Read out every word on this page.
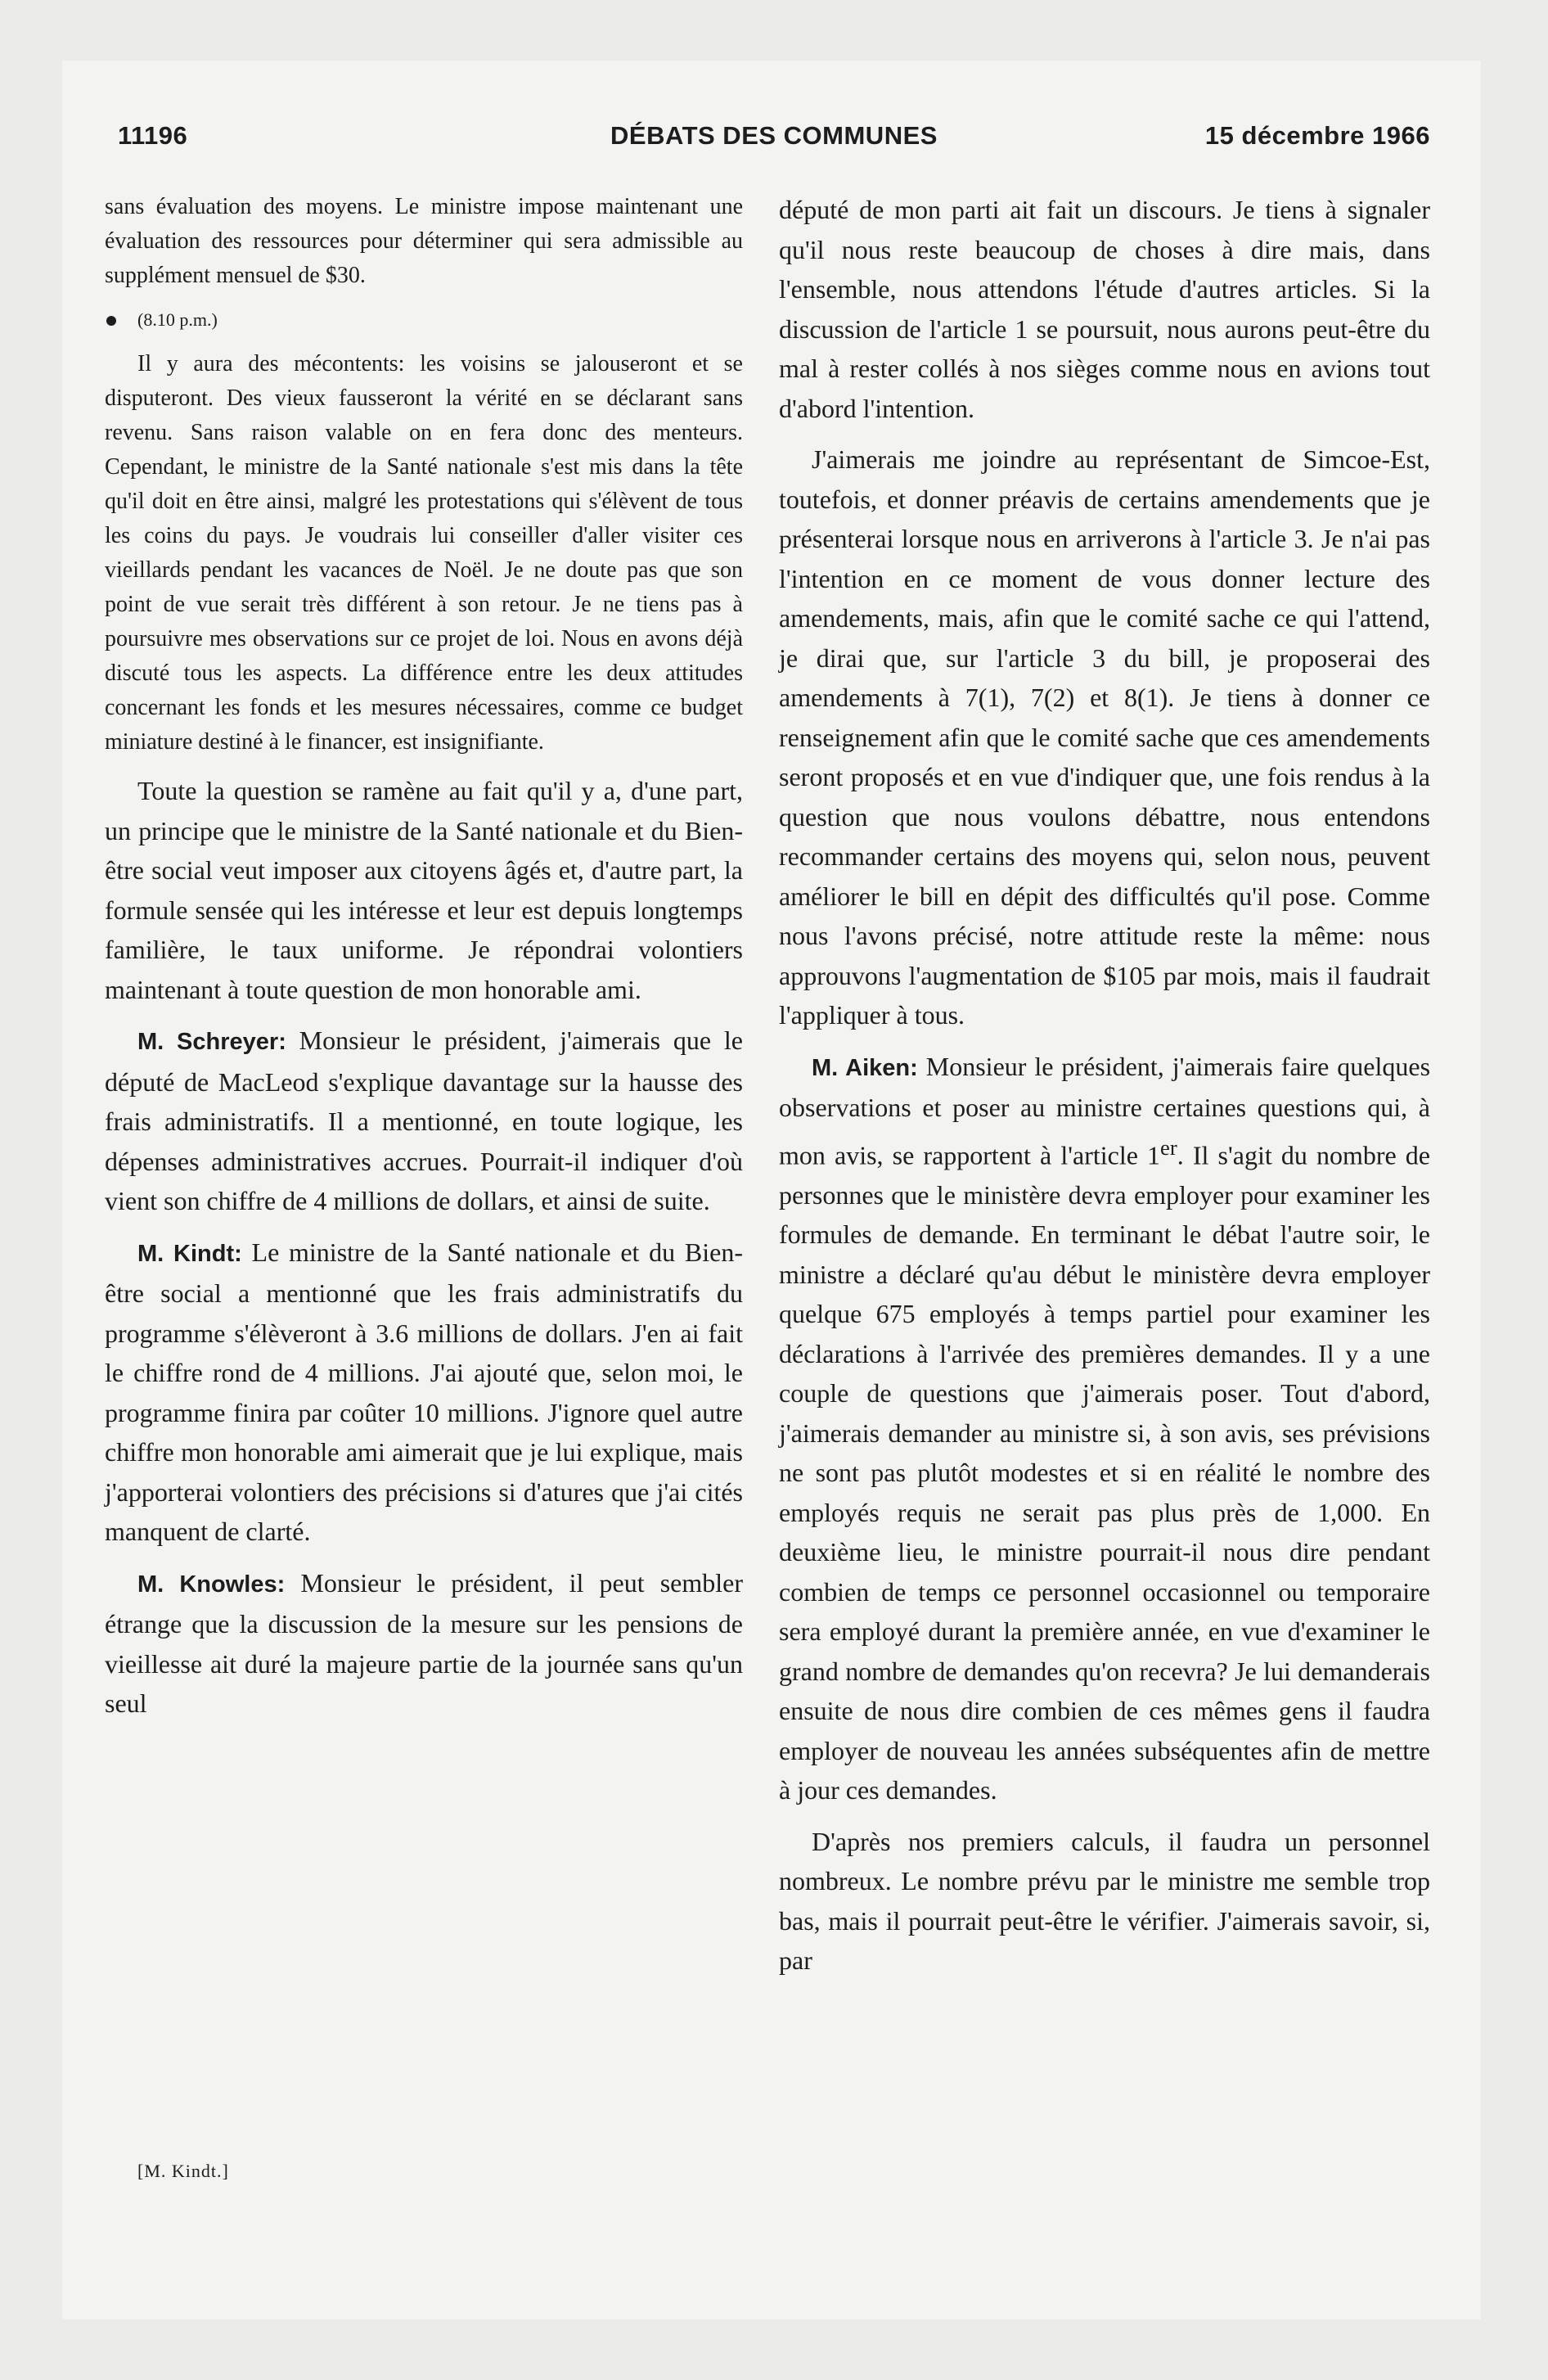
11196	DÉBATS DES COMMUNES	15 décembre 1966

sans évaluation des moyens. Le ministre impose maintenant une évaluation des ressources pour déterminer qui sera admissible au supplément mensuel de $30.

(8.10 p.m.)

Il y aura des mécontents: les voisins se jalouseront et se disputeront. Des vieux fausseront la vérité en se déclarant sans revenu. Sans raison valable on en fera donc des menteurs. Cependant, le ministre de la Santé nationale s'est mis dans la tête qu'il doit en être ainsi, malgré les protestations qui s'élèvent de tous les coins du pays. Je voudrais lui conseiller d'aller visiter ces vieillards pendant les vacances de Noël. Je ne doute pas que son point de vue serait très différent à son retour. Je ne tiens pas à poursuivre mes observations sur ce projet de loi. Nous en avons déjà discuté tous les aspects. La différence entre les deux attitudes concernant les fonds et les mesures nécessaires, comme ce budget miniature destiné à le financer, est insignifiante.

Toute la question se ramène au fait qu'il y a, d'une part, un principe que le ministre de la Santé nationale et du Bien-être social veut imposer aux citoyens âgés et, d'autre part, la formule sensée qui les intéresse et leur est depuis longtemps familière, le taux uniforme. Je répondrai volontiers maintenant à toute question de mon honorable ami.

M. Schreyer: Monsieur le président, j'aimerais que le député de MacLeod s'explique davantage sur la hausse des frais administratifs. Il a mentionné, en toute logique, les dépenses administratives accrues. Pourrait-il indiquer d'où vient son chiffre de 4 millions de dollars, et ainsi de suite.

M. Kindt: Le ministre de la Santé nationale et du Bien-être social a mentionné que les frais administratifs du programme s'élèveront à 3.6 millions de dollars. J'en ai fait le chiffre rond de 4 millions. J'ai ajouté que, selon moi, le programme finira par coûter 10 millions. J'ignore quel autre chiffre mon honorable ami aimerait que je lui explique, mais j'apporterai volontiers des précisions si d'atures que j'ai cités manquent de clarté.

M. Knowles: Monsieur le président, il peut sembler étrange que la discussion de la mesure sur les pensions de vieillesse ait duré la majeure partie de la journée sans qu'un seul

député de mon parti ait fait un discours. Je tiens à signaler qu'il nous reste beaucoup de choses à dire mais, dans l'ensemble, nous attendons l'étude d'autres articles. Si la discussion de l'article 1 se poursuit, nous aurons peut-être du mal à rester collés à nos sièges comme nous en avions tout d'abord l'intention.

J'aimerais me joindre au représentant de Simcoe-Est, toutefois, et donner préavis de certains amendements que je présenterai lorsque nous en arriverons à l'article 3. Je n'ai pas l'intention en ce moment de vous donner lecture des amendements, mais, afin que le comité sache ce qui l'attend, je dirai que, sur l'article 3 du bill, je proposerai des amendements à 7(1), 7(2) et 8(1). Je tiens à donner ce renseignement afin que le comité sache que ces amendements seront proposés et en vue d'indiquer que, une fois rendus à la question que nous voulons débattre, nous entendons recommander certains des moyens qui, selon nous, peuvent améliorer le bill en dépit des difficultés qu'il pose. Comme nous l'avons précisé, notre attitude reste la même: nous approuvons l'augmentation de $105 par mois, mais il faudrait l'appliquer à tous.

M. Aiken: Monsieur le président, j'aimerais faire quelques observations et poser au ministre certaines questions qui, à mon avis, se rapportent à l'article 1er. Il s'agit du nombre de personnes que le ministère devra employer pour examiner les formules de demande. En terminant le débat l'autre soir, le ministre a déclaré qu'au début le ministère devra employer quelque 675 employés à temps partiel pour examiner les déclarations à l'arrivée des premières demandes. Il y a une couple de questions que j'aimerais poser. Tout d'abord, j'aimerais demander au ministre si, à son avis, ses prévisions ne sont pas plutôt modestes et si en réalité le nombre des employés requis ne serait pas plus près de 1,000. En deuxième lieu, le ministre pourrait-il nous dire pendant combien de temps ce personnel occasionnel ou temporaire sera employé durant la première année, en vue d'examiner le grand nombre de demandes qu'on recevra? Je lui demanderais ensuite de nous dire combien de ces mêmes gens il faudra employer de nouveau les années subséquentes afin de mettre à jour ces demandes.

D'après nos premiers calculs, il faudra un personnel nombreux. Le nombre prévu par le ministre me semble trop bas, mais il pourrait peut-être le vérifier. J'aimerais savoir, si, par

[M. Kindt.]
